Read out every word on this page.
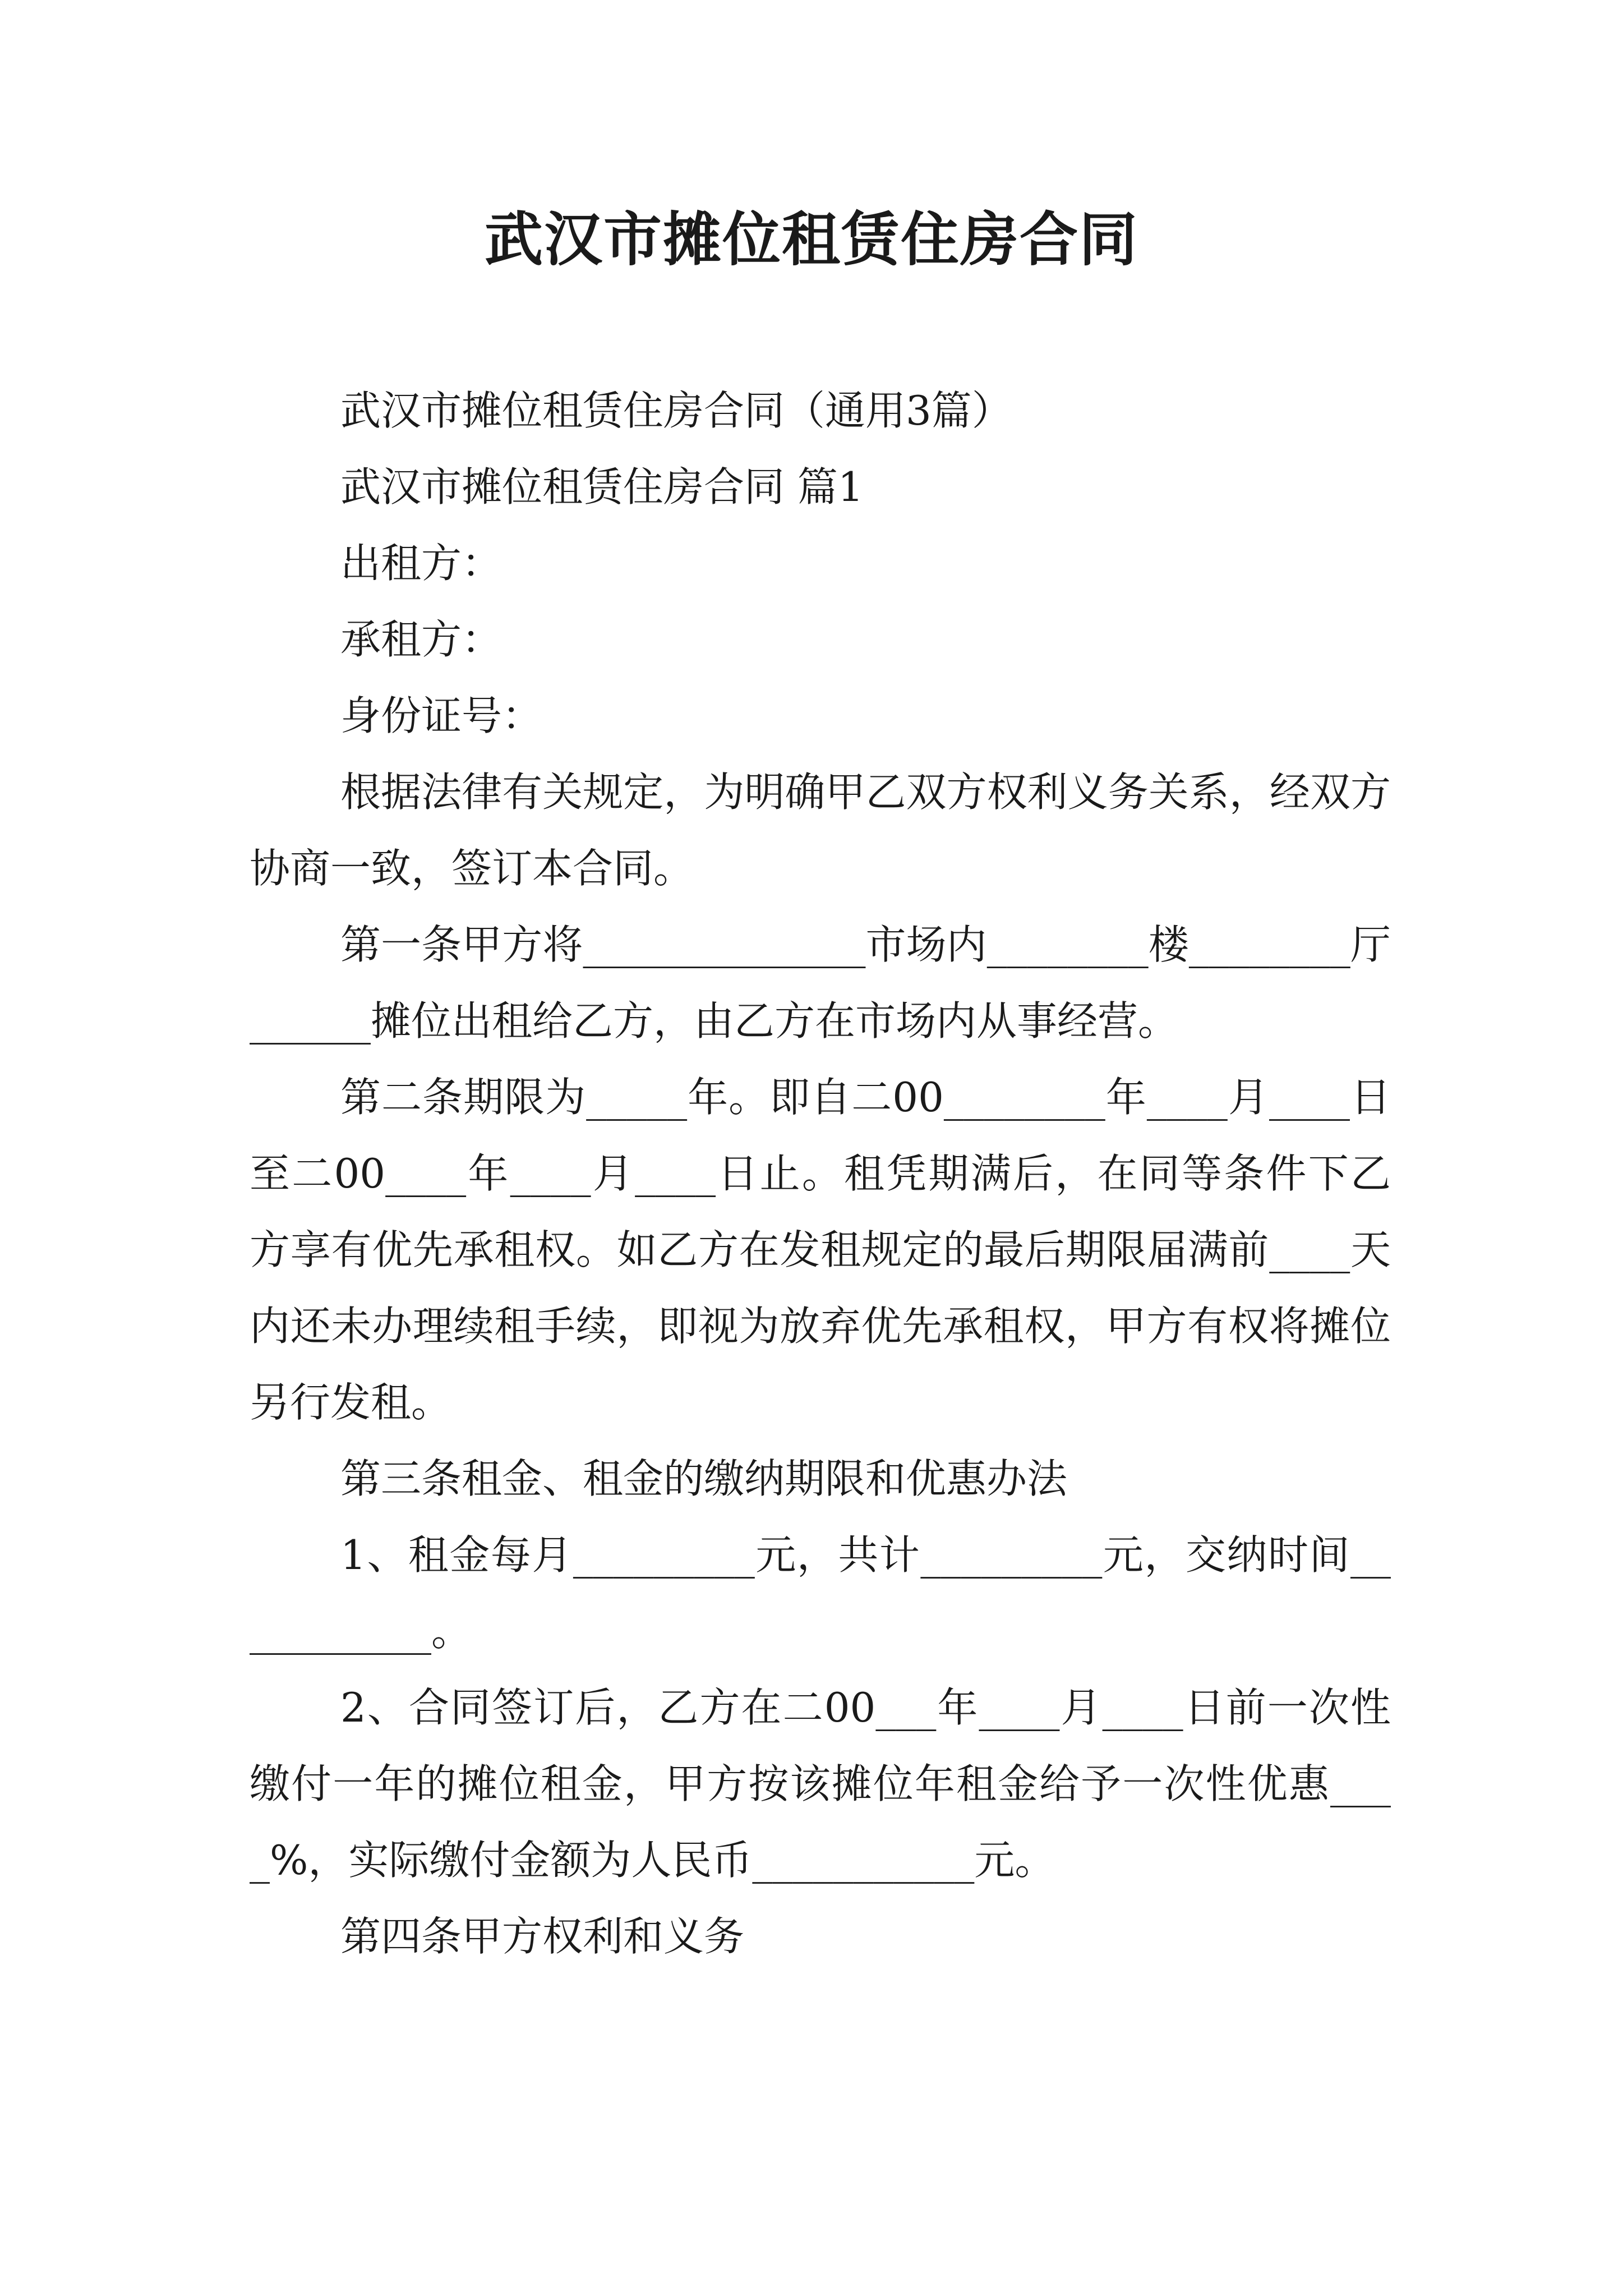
武汉市摊位租赁住房合同

武汉市摊位租赁住房合同（通用3篇）

武汉市摊位租赁住房合同 篇1

出租方：

承租方：

身份证号：

根据法律有关规定，为明确甲乙双方权利义务关系，经双方协商一致，签订本合同。

第一条甲方将______________市场内________楼________厅______摊位出租给乙方，由乙方在市场内从事经营。

第二条期限为_____年。即自二00________年____月____日至二00____年____月____日止。租凭期满后，在同等条件下乙方享有优先承租权。如乙方在发租规定的最后期限届满前____天内还未办理续租手续，即视为放弃优先承租权，甲方有权将摊位另行发租。

第三条租金、租金的缴纳期限和优惠办法

1、租金每月_________元，共计_________元，交纳时间___________。

2、合同签订后，乙方在二00___年____月____日前一次性缴付一年的摊位租金，甲方按该摊位年租金给予一次性优惠____%，实际缴付金额为人民币___________元。

第四条甲方权利和义务
